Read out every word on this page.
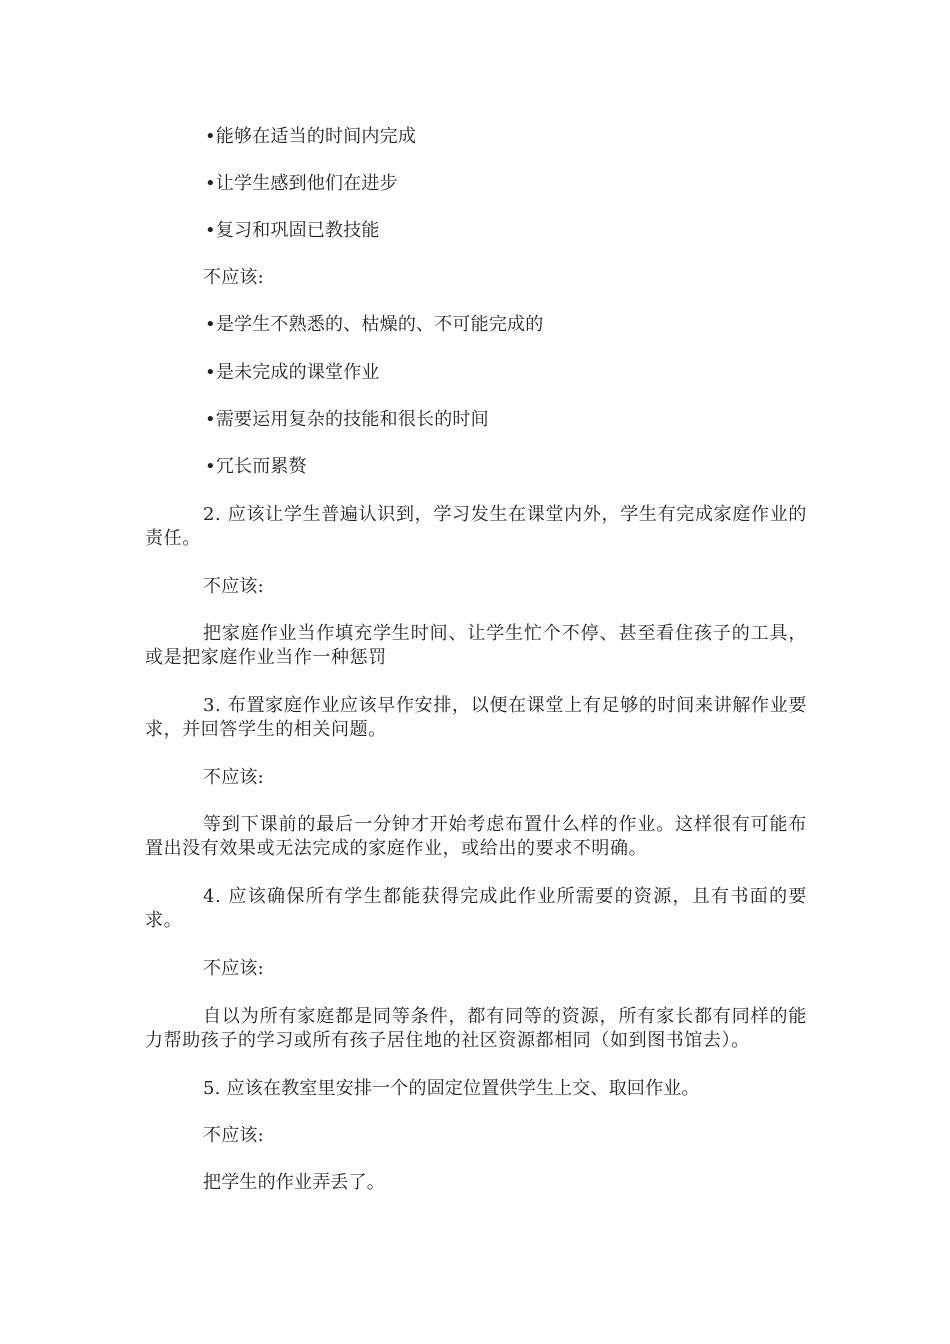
•能够在适当的时间内完成
•让学生感到他们在进步
•复习和巩固已教技能
不应该:
•是学生不熟悉的、枯燥的、不可能完成的
•是未完成的课堂作业
•需要运用复杂的技能和很长的时间
•冗长而累赘
2. 应该让学生普遍认识到，学习发生在课堂内外，学生有完成家庭作业的责任。
不应该:
把家庭作业当作填充学生时间、让学生忙个不停、甚至看住孩子的工具，或是把家庭作业当作一种惩罚
3. 布置家庭作业应该早作安排，以便在课堂上有足够的时间来讲解作业要求，并回答学生的相关问题。
不应该:
等到下课前的最后一分钟才开始考虑布置什么样的作业。这样很有可能布置出没有效果或无法完成的家庭作业，或给出的要求不明确。
4. 应该确保所有学生都能获得完成此作业所需要的资源，且有书面的要求。
不应该:
自以为所有家庭都是同等条件，都有同等的资源，所有家长都有同样的能力帮助孩子的学习或所有孩子居住地的社区资源都相同（如到图书馆去）。
5. 应该在教室里安排一个的固定位置供学生上交、取回作业。
不应该:
把学生的作业弄丢了。
